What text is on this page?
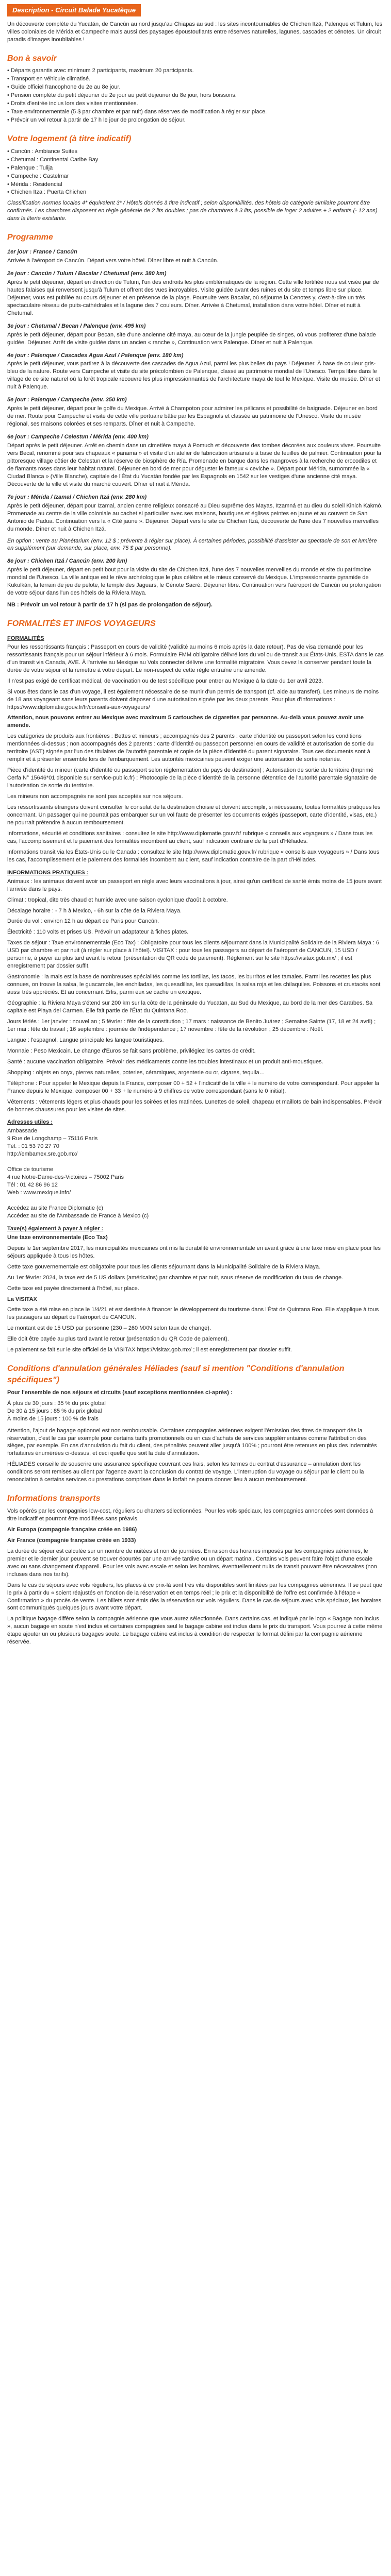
Description - Circuit Balade Yucatèque

Un découverte complète du Yucatán, de Cancún au nord jusqu'au Chiapas au sud : les sites incontournables de Chichen Itzá, Palenque et Tulum, les villes coloniales de Mérida et Campeche mais aussi des paysages époustouflants entre réserves naturelles, lagunes, cascades et cénotes. Un circuit paradis d'images inoubliables !

Bon à savoir
• Départs garantis avec minimum 2 participants, maximum 20 participants.
• Transport en véhicule climatisé.
• Guide officiel francophone du 2e au 8e jour.
• Pension complète du petit déjeuner du 2e jour au petit déjeuner du 8e jour, hors boissons.
• Droits d'entrée inclus lors des visites mentionnées.
• Taxe environnementale (5 $ par chambre et par nuit) dans réserves de modification à régler sur place.
• Prévoir un vol retour à partir de 17 h le jour de prolongation de séjour.
Votre logement (à titre indicatif)
• Cancún : Ambiance Suites
• Chetumal : Continental Caribe Bay
• Palenque : Tulija
• Campeche : Castelmar
• Mérida : Residencial
• Chichen Itza : Puerta Chichen

Classification normes locales 4* équivalent 3* / Hôtels donnés à titre indicatif ; selon disponibilités, des hôtels de catégorie similaire pourront être confirmés. Les chambres disposent en règle générale de 2 lits doubles ; pas de chambres à 3 lits, possible de loger 2 adultes + 2 enfants (- 12 ans) dans la literie existante.

Programme
1er jour : France / Cancún

Arrivée à l'aéroport de Cancún. Départ vers votre hôtel. Dîner libre et nuit à Cancún.

2e jour : Cancún / Tulum / Bacalar / Chetumal (env. 380 km)

Après le petit déjeuner, départ en direction de Tulum, l'un des endroits les plus emblématiques de la région. Cette ville fortifiée nous est visée par de hautes falaises qui renversent jusqu'à Tulum et offrent des vues incroyables. Visite guidée avant des ruines et du site et temps libre sur place. Déjeuner, vous est publiée au cours déjeuner et en présence de la plage. Poursuite vers Bacalar, où séjourne la Cenotes y, c'est-à-dire un très spectaculaire réseau de puits-cathédrales et la lagune des 7 couleurs. Dîner. Arrivée à Chetumal, installation dans votre hôtel. Dîner et nuit à Chetumal.

3e jour : Chetumal / Becan / Palenque (env. 495 km)

Après le petit déjeuner, départ pour Becan, site d'une ancienne cité maya, au cœur de la jungle peuplée de singes, où vous profiterez d'une balade guidée. Déjeuner. Arrêt de visite guidée dans un ancien « ranche », Continuation vers Palenque. Dîner et nuit à Palenque.

4e jour : Palenque / Cascades Agua Azul / Palenque (env. 180 km)

Après le petit déjeuner, vous partirez à la découverte des cascades de Agua Azul, parmi les plus belles du pays ! Déjeuner. À base de couleur gris-bleu de la nature. Route vers Campeche et visite du site précolombien de Palenque, classé au patrimoine mondial de l'Unesco. Temps libre dans le village de ce site naturel où la forêt tropicale recouvre les plus impressionnantes de l'architecture maya de tout le Mexique. Visite du musée. Dîner et nuit à Palenque.

5e jour : Palenque / Campeche (env. 350 km)

Après le petit déjeuner, départ pour le golfe du Mexique. Arrivé à Champoton pour admirer les pélicans et possibilité de baignade. Déjeuner en bord de mer. Route pour Campeche et visite de cette ville portuaire bâtie par les Espagnols et classée au patrimoine de l'Unesco. Visite du musée régional, ses maisons colorées et ses remparts. Dîner et nuit à Campeche.

6e jour : Campeche / Celestun / Mérida (env. 400 km)

Départ après le petit déjeuner. Arrêt en chemin dans un cimetière maya à Pomuch et découverte des tombes décorées aux couleurs vives. Poursuite vers Becal, renommé pour ses chapeaux « panama » et visite d'un atelier de fabrication artisanale à base de feuilles de palmier. Continuation pour la pittoresque village côtier de Celestun et la réserve de biosphère de Ría. Promenade en barque dans les mangroves à la recherche de crocodiles et de flamants roses dans leur habitat naturel. Déjeuner en bord de mer pour déguster le fameux « ceviche ». Départ pour Mérida, surnommée la « Ciudad Blanca » (Ville Blanche), capitale de l'État du Yucatán fondée par les Espagnols en 1542 sur les vestiges d'une ancienne cité maya. Découverte de la ville et visite du marché couvert. Dîner et nuit à Mérida.

7e jour : Mérida / Izamal / Chichen Itzá (env. 280 km)

Après le petit déjeuner, départ pour Izamal, ancien centre religieux consacré au Dieu suprême des Mayas, Itzamná et au dieu du soleil Kinich Kakmó. Promenade au centre de la ville coloniale au cachet si particulier avec ses maisons, boutiques et églises peintes en jaune et au couvent de San Antonio de Padua. Continuation vers la « Cité jaune ». Déjeuner. Départ vers le site de Chichen Itzá, découverte de l'une des 7 nouvelles merveilles du monde. Dîner et nuit à Chichen Itzá.

En option : vente au Planétarium (env. 12 $ ; prévente à régler sur place). À certaines périodes, possibilité d'assister au spectacle de son et lumière en supplément (sur demande, sur place, env. 75 $ par personne).

8e jour : Chichen Itzá / Cancún (env. 200 km)

Après le petit déjeuner, départ en petit bout pour la visite du site de Chichen Itzá, l'une des 7 nouvelles merveilles du monde et site du patrimoine mondial de l'Unesco. La ville antique est le rêve archéologique le plus célèbre et le mieux conservé du Mexique. L'impressionnante pyramide de Kukulkán, la terrain de jeu de pelote, le temple des Jaguars, le Cénote Sacré. Déjeuner libre. Continuation vers l'aéroport de Cancún ou prolongation de votre séjour dans l'un des hôtels de la Riviera Maya.

NB : Prévoir un vol retour à partir de 17 h (si pas de prolongation de séjour).

FORMALITÉS ET INFOS VOYAGEURS
FORMALITÉS

Pour les ressortissants français : Passeport en cours de validité (validité au moins 6 mois après la date retour). Pas de visa demandé pour les ressortissants français pour un séjour inférieur à 6 mois. Formulaire FMM obligatoire délivré lors du vol ou de transit aux États-Unis, ESTA dans le cas d'un transit via Canada, AVE. À l'arrivée au Mexique au Vols connecter délivre une formalité migratoire. Vous devez la conserver pendant toute la durée de votre séjour et la remettre à votre départ. Le non-respect de cette règle entraîne une amende.

Il n'est pas exigé de certificat médical, de vaccination ou de test spécifique pour entrer au Mexique à la date du 1er avril 2023.

Si vous êtes dans le cas d'un voyage, il est également nécessaire de se munir d'un permis de transport (cf. aide au transfert). Les mineurs de moins de 18 ans voyageant sans leurs parents doivent disposer d'une autorisation signée par les deux parents. Pour plus d'informations : https://www.diplomatie.gouv.fr/fr/conseils-aux-voyageurs/

Attention, nous pouvons entrer au Mexique avec maximum 5 cartouches de cigarettes par personne. Au-delà vous pouvez avoir une amende.

Les catégories de produits aux frontières : Bettes et mineurs ; accompagnés des 2 parents : carte d'identité ou passeport selon les conditions mentionnées ci-dessus ; non accompagnés des 2 parents : carte d'identité ou passeport personnel en cours de validité et autorisation de sortie du territoire (AST) signée par l'un des titulaires de l'autorité parentale et copie de la pièce d'identité du parent signataire. Tous ces documents sont à remplir et à présenter ensemble lors de l'embarquement. Les autorités mexicaines peuvent exiger une autorisation de sortie notariée.

Pièce d'identité du mineur (carte d'identité ou passeport selon réglementation du pays de destination) ; Autorisation de sortie du territoire (Imprimé Cerfa N° 15646*01 disponible sur service-public.fr) ; Photocopie de la pièce d'identité de la personne détentrice de l'autorité parentale signataire de l'autorisation de sortie du territoire.

Les mineurs non accompagnés ne sont pas acceptés sur nos séjours.

Les ressortissants étrangers doivent consulter le consulat de la destination choisie et doivent accomplir, si nécessaire, toutes formalités pratiques les concernant. Un passager qui ne pourrait pas embarquer sur un vol faute de présenter les documents exigés (passeport, carte d'identité, visas, etc.) ne pourrait prétendre à aucun remboursement.

Informations, sécurité et conditions sanitaires : consultez le site http://www.diplomatie.gouv.fr/ rubrique « conseils aux voyageurs » / Dans tous les cas, l'accomplissement et le paiement des formalités incombent au client, sauf indication contraire de la part d'Héliades.

Informations transit via les États-Unis ou le Canada : consultez le site http://www.diplomatie.gouv.fr/ rubrique « conseils aux voyageurs » / Dans tous les cas, l'accomplissement et le paiement des formalités incombent au client, sauf indication contraire de la part d'Héliades.

INFORMATIONS PRATIQUES :

Animaux : les animaux doivent avoir un passeport en règle avec leurs vaccinations à jour, ainsi qu'un certificat de santé émis moins de 15 jours avant l'arrivée dans le pays.

Climat : tropical, dite très chaud et humide avec une saison cyclonique d'août à octobre.

Décalage horaire : - 7 h à Mexico, - 6h sur la côte de la Riviera Maya.

Durée du vol : environ 12 h au départ de Paris pour Cancún.

Électricité : 110 volts et prises US. Prévoir un adaptateur à fiches plates.

Taxes de séjour : Taxe environnementale (Eco Tax) : Obligatoire pour tous les clients séjournant dans la Municipalité Solidaire de la Riviera Maya : 6 USD par chambre et par nuit (à régler sur place à l'hôtel). VISITAX : pour tous les passagers au départ de l'aéroport de CANCUN, 15 USD / personne, à payer au plus tard avant le retour (présentation du QR code de paiement). Règlement sur le site https://visitax.gob.mx/ ; il est enregistrement par dossier suffit.

Gastronomie : la mais est la base de nombreuses spécialités comme les tortillas, les tacos, les burritos et les tamales. Parmi les recettes les plus connues, on trouve la salsa, le guacamole, les enchiladas, les quesadillas, les quesadillas, la salsa roja et les chilaquiles. Poissons et crustacés sont aussi très appréciés. Et au concernant Erlis, parmi eux se cache un exotique.

Géographie : la Riviera Maya s'étend sur 200 km sur la côte de la péninsule du Yucatan, au Sud du Mexique, au bord de la mer des Caraïbes. Sa capitale est Playa del Carmen. Elle fait partie de l'État du Quintana Roo.

Jours fériés : 1er janvier : nouvel an ; 5 février : fête de la constitution ; 17 mars : naissance de Benito Juárez ; Semaine Sainte (17, 18 et 24 avril) ; 1er mai : fête du travail ; 16 septembre : journée de l'indépendance ; 17 novembre : fête de la révolution ; 25 décembre : Noël.

Langue : l'espagnol. Langue principale les langue touristiques.

Monnaie : Peso Mexicain. Le change d'Euros se fait sans problème, privilégiez les cartes de crédit.

Santé : aucune vaccination obligatoire. Prévoir des médicaments contre les troubles intestinaux et un produit anti-moustiques.

Shopping : objets en onyx, pierres naturelles, poteries, céramiques, argenterie ou or, cigares, tequila…

Téléphone : Pour appeler le Mexique depuis la France, composer 00 + 52 + l'indicatif de la ville + le numéro de votre correspondant. Pour appeler la France depuis le Mexique, composer 00 + 33 + le numéro à 9 chiffres de votre correspondant (sans le 0 initial).

Vêtements : vêtements légers et plus chauds pour les soirées et les matinées. Lunettes de soleil, chapeau et maillots de bain indispensables. Prévoir de bonnes chaussures pour les visites de sites.

Adresses utiles :
Ambassade
9 Rue de Longchamp – 75116 Paris
Tél. : 01 53 70 27 70
http://embamex.sre.gob.mx/

Office de tourisme
4 rue Notre-Dame-des-Victoires – 75002 Paris
Tél : 01 42 86 96 12
Web : www.mexique.info/

Accédez au site France Diplomatie (c)
Accédez au site de l'Ambassade de France à Mexico (c)
Taxe(s) également à payer à régler :

Une taxe environnementale (Eco Tax)

Depuis le 1er septembre 2017, les municipalités mexicaines ont mis la durabilité environnementale en avant grâce à une taxe mise en place pour les séjours appliquée à tous les hôtes.

Cette taxe gouvernementale est obligatoire pour tous les clients séjournant dans la Municipalité Solidaire de la Riviera Maya.

Au 1er février 2024, la taxe est de 5 US dollars (américains) par chambre et par nuit, sous réserve de modification du taux de change.

Cette taxe est payée directement à l'hôtel, sur place.

La VISITAX

Cette taxe a été mise en place le 1/4/21 et est destinée à financer le développement du tourisme dans l'État de Quintana Roo. Elle s'applique à tous les passagers au départ de l'aéroport de CANCUN.

Le montant est de 15 USD par personne (230 – 260 MXN selon taux de change).

Elle doit être payée au plus tard avant le retour (présentation du QR Code de paiement).

Le paiement se fait sur le site officiel de la VISITAX https://visitax.gob.mx/ ; il est enregistrement par dossier suffit.

Conditions d'annulation générales Héliades (sauf si mention "Conditions d'annulation spécifiques")

Pour l'ensemble de nos séjours et circuits (sauf exceptions mentionnées ci-après) :

À plus de 30 jours : 35 % du prix global
De 30 à 15 jours : 85 % du prix global
À moins de 15 jours : 100 % de frais

Attention, l'ajout de bagage optionnel est non remboursable. Certaines compagnies aériennes exigent l'émission des titres de transport dès la réservation, c'est le cas par exemple pour certains tarifs promotionnels ou en cas d'achats de services supplémentaires comme l'attribution des sièges, par exemple. En cas d'annulation du fait du client, des pénalités peuvent aller jusqu'à 100% ; pourront être retenues en plus des indemnités forfaitaires énumérées ci-dessus, et ceci quelle que soit la date d'annulation.

HÉLIADES conseille de souscrire une assurance spécifique couvrant ces frais, selon les termes du contrat d'assurance – annulation dont les conditions seront remises au client par l'agence avant la conclusion du contrat de voyage. L'interruption du voyage ou séjour par le client ou la renonciation à certains services ou prestations comprises dans le forfait ne pourra donner lieu à aucun remboursement.

Informations transports

Vols opérés par les compagnies low-cost, réguliers ou charters sélectionnées. Pour les vols spéciaux, les compagnies annoncées sont données à titre indicatif et pourront être modifiées sans préavis.

Air Europa (compagnie française créée en 1986)

Air France (compagnie française créée en 1933)

La durée du séjour est calculée sur un nombre de nuitées et non de journées. En raison des horaires imposés par les compagnies aériennes, le premier et le dernier jour peuvent se trouver écourtés par une arrivée tardive ou un départ matinal. Certains vols peuvent faire l'objet d'une escale avec ou sans changement d'appareil. Pour les vols avec escale et selon les horaires, éventuellement nuits de transit pouvant être nécessaires (non incluses dans nos tarifs).

Dans le cas de séjours avec vols réguliers, les places à ce prix-là sont très vite disponibles sont limitées par les compagnies aériennes. Il se peut que le prix à partir du « soient réajustés en fonction de la réservation et en temps réel ; le prix et la disponibilité de l'offre est confirmée à l'étape « Confirmation » du procès de vente. Les billets sont émis dès la réservation sur vols réguliers. Dans le cas de séjours avec vols spéciaux, les horaires sont communiqués quelques jours avant votre départ.

La politique bagage diffère selon la compagnie aérienne que vous aurez sélectionnée. Dans certains cas, et indiqué par le logo « Bagage non inclus », aucun bagage en soute n'est inclus et certaines compagnies seul le bagage cabine est inclus dans le prix du transport. Vous pourrez à cette même étape ajouter un ou plusieurs bagages soute. Le bagage cabine est inclus à condition de respecter le format défini par la compagnie aérienne réservée.
